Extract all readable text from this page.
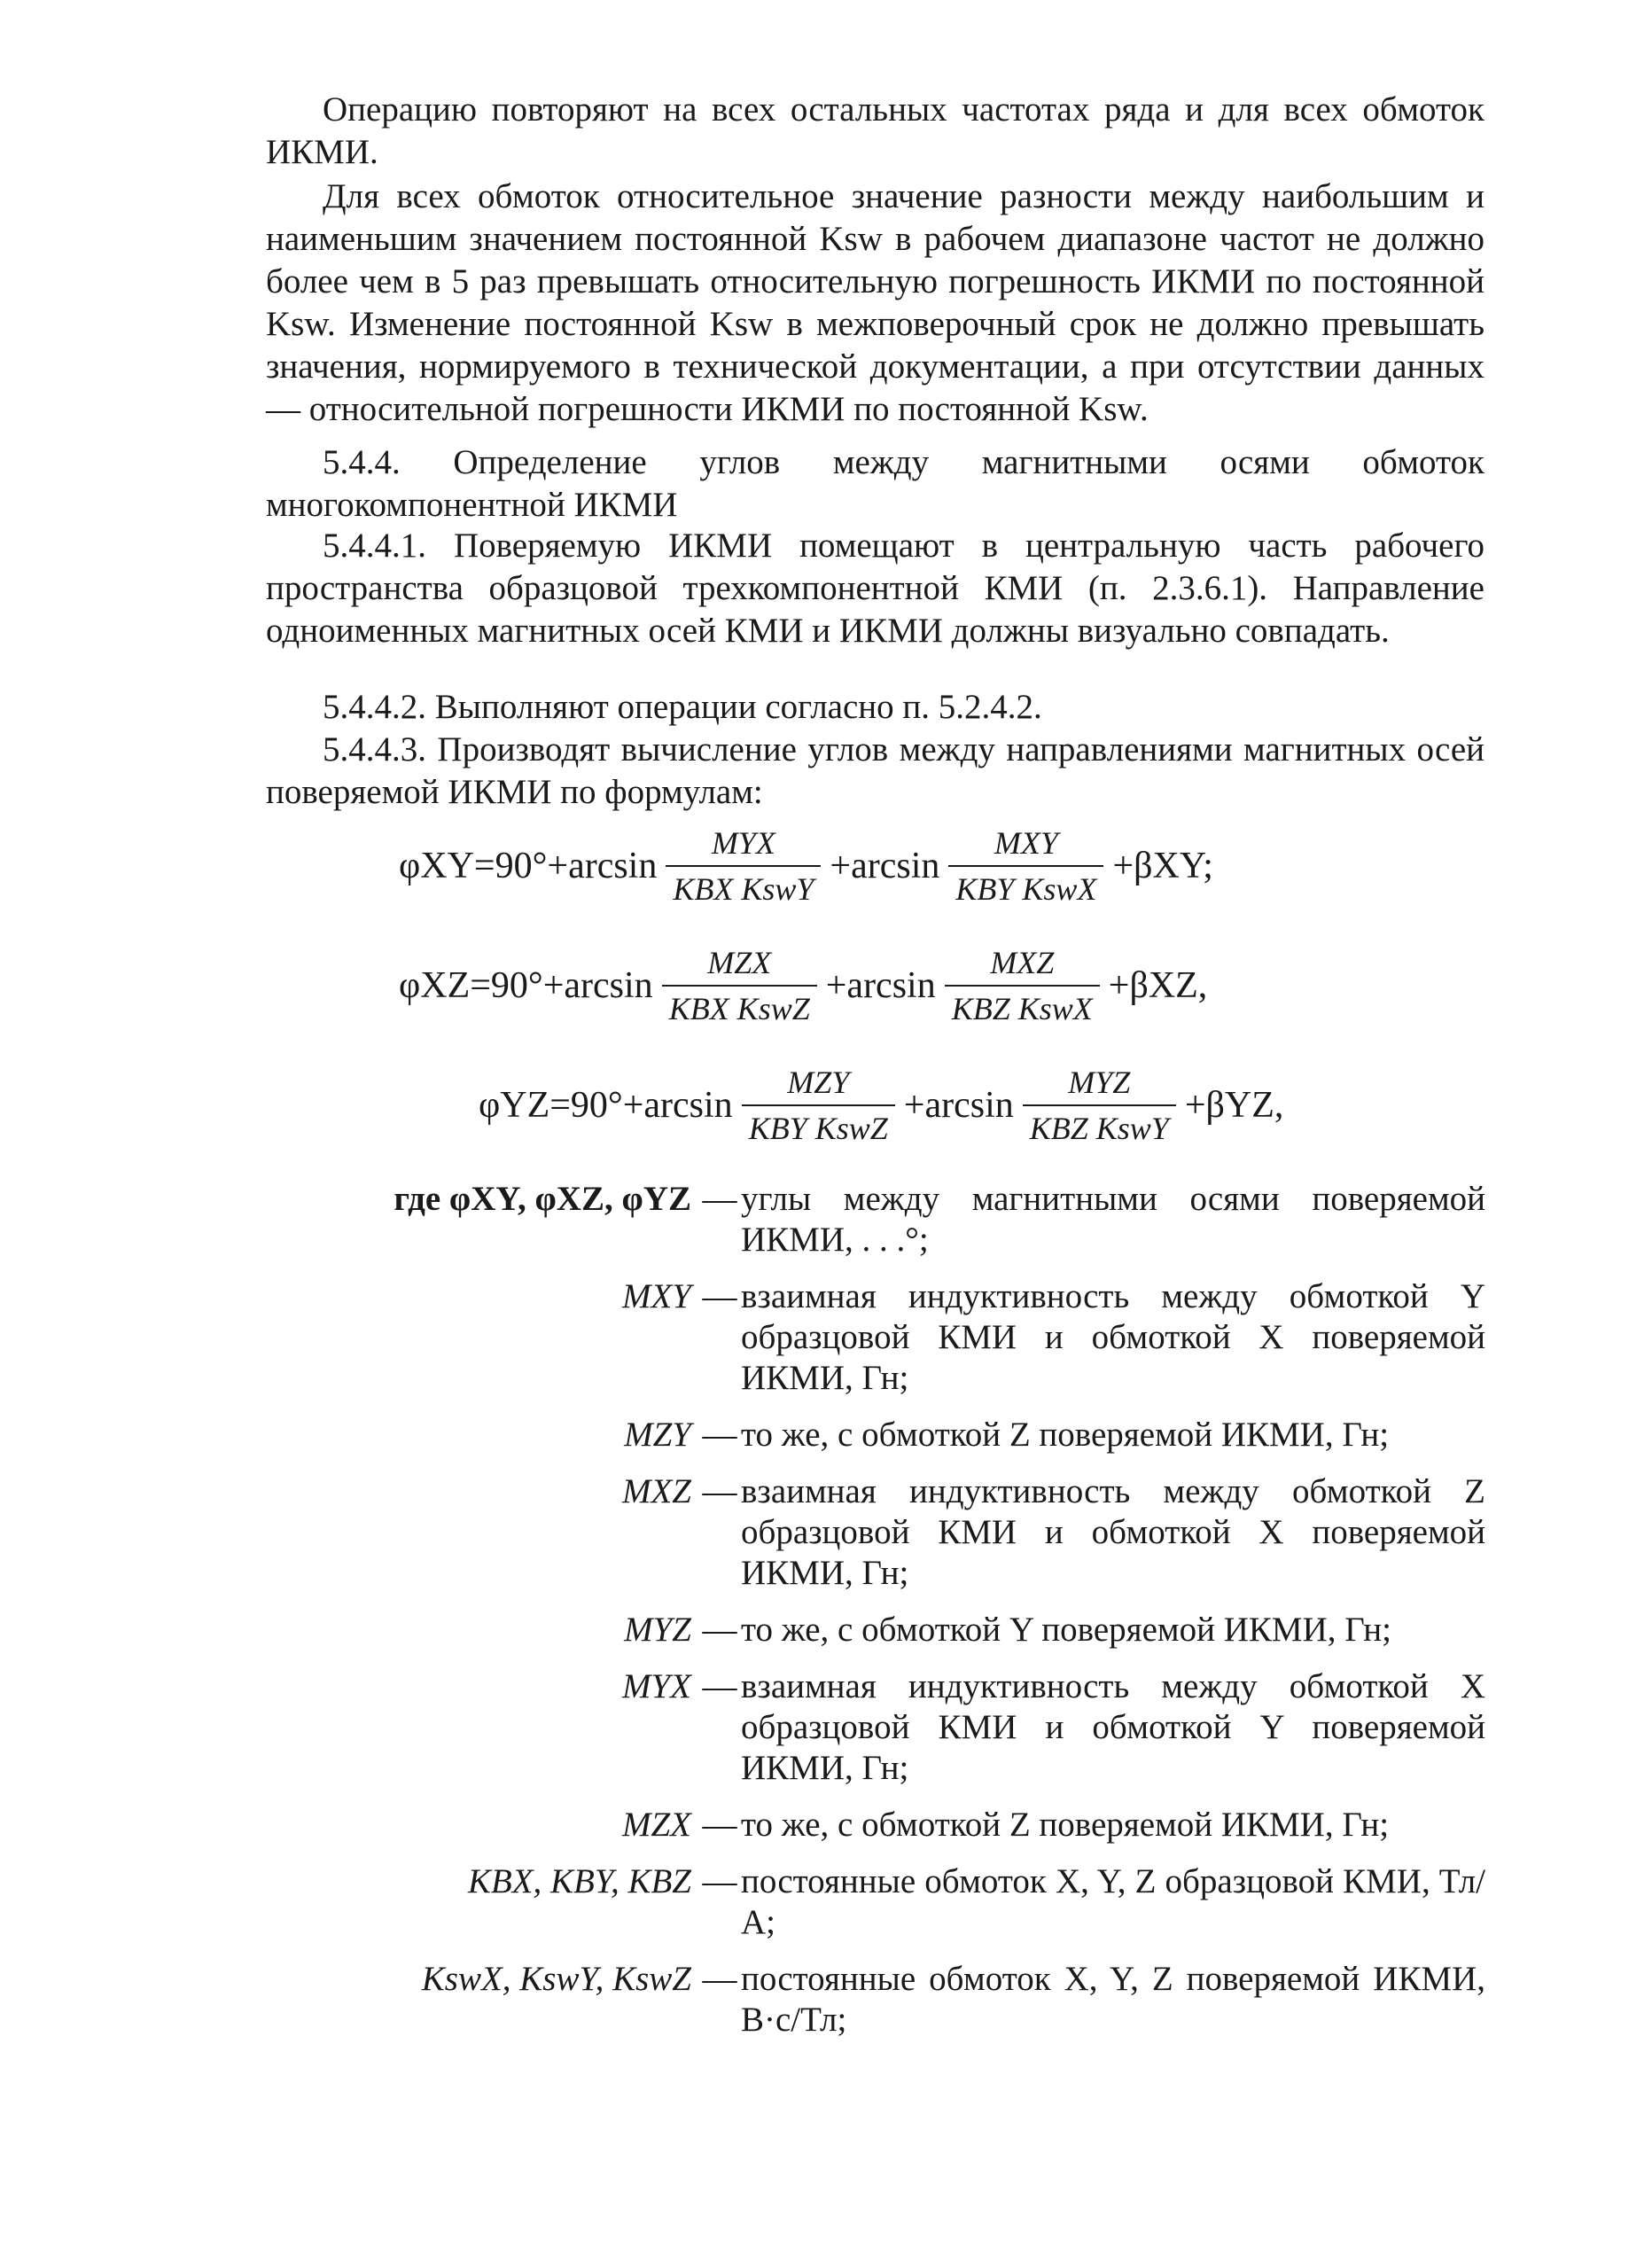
Операцию повторяют на всех остальных частотах ряда и для всех обмоток ИКМИ.

Для всех обмоток относительное значение разности между наибольшим и наименьшим значением постоянной Ksw в рабочем диапазоне частот не должно более чем в 5 раз превышать относительную погрешность ИКМИ по постоянной Ksw. Изменение постоянной Ksw в межповерочный срок не должно превышать значения, нормируемого в технической документации, а при отсутствии данных — относительной погрешности ИКМИ по постоянной Ksw.

5.4.4. Определение углов между магнитными осями обмоток многокомпонентной ИКМИ

5.4.4.1. Поверяемую ИКМИ помещают в центральную часть рабочего пространства образцовой трехкомпонентной КМИ (п. 2.3.6.1). Направление одноименных магнитных осей КМИ и ИКМИ должны визуально совпадать.

5.4.4.2. Выполняют операции согласно п. 5.2.4.2.

5.4.4.3. Производят вычисление углов между направлениями магнитных осей поверяемой ИКМИ по формулам:

$\varphi XY=90^\circ+\arcsin \frac{\text{MYX}}{\text{KBX KswY}} +\arcsin \frac{\text{MXY}}{\text{KBY KswX}} +\beta XY$;
$\varphi XZ=90^\circ+\arcsin \frac{\text{MZX}}{\text{KBX KswZ}} +\arcsin \frac{\text{MXZ}}{\text{KBZ KswX}} +\beta XZ$,
$\varphi YZ=90^\circ+\arcsin \frac{\text{MZY}}{\text{KBY KswZ}} +\arcsin \frac{\text{MYZ}}{\text{KBZ KswY}} +\beta YZ$,
где φXY, φXZ, φYZ — углы между магнитными осями поверяемой ИКМИ, . . .°;
MXY — взаимная индуктивность между обмоткой Y образцовой КМИ и обмоткой X поверяемой ИКМИ, Гн;
MZY — то же, с обмоткой Z поверяемой ИКМИ, Гн;
MXZ — взаимная индуктивность между обмоткой Z образцовой КМИ и обмоткой X поверяемой ИКМИ, Гн;
MYZ — то же, с обмоткой Y поверяемой ИКМИ, Гн;
MYX — взаимная индуктивность между обмоткой X образцовой КМИ и обмоткой Y поверяемой ИКМИ, Гн;
MZX — то же, с обмоткой Z поверяемой ИКМИ, Гн;
KBX, KBY, KBZ — постоянные обмоток X, Y, Z образцовой КМИ, Тл/А;
KswX, KswY, KswZ — постоянные обмоток X, Y, Z поверяемой ИКМИ, В·с/Тл;
